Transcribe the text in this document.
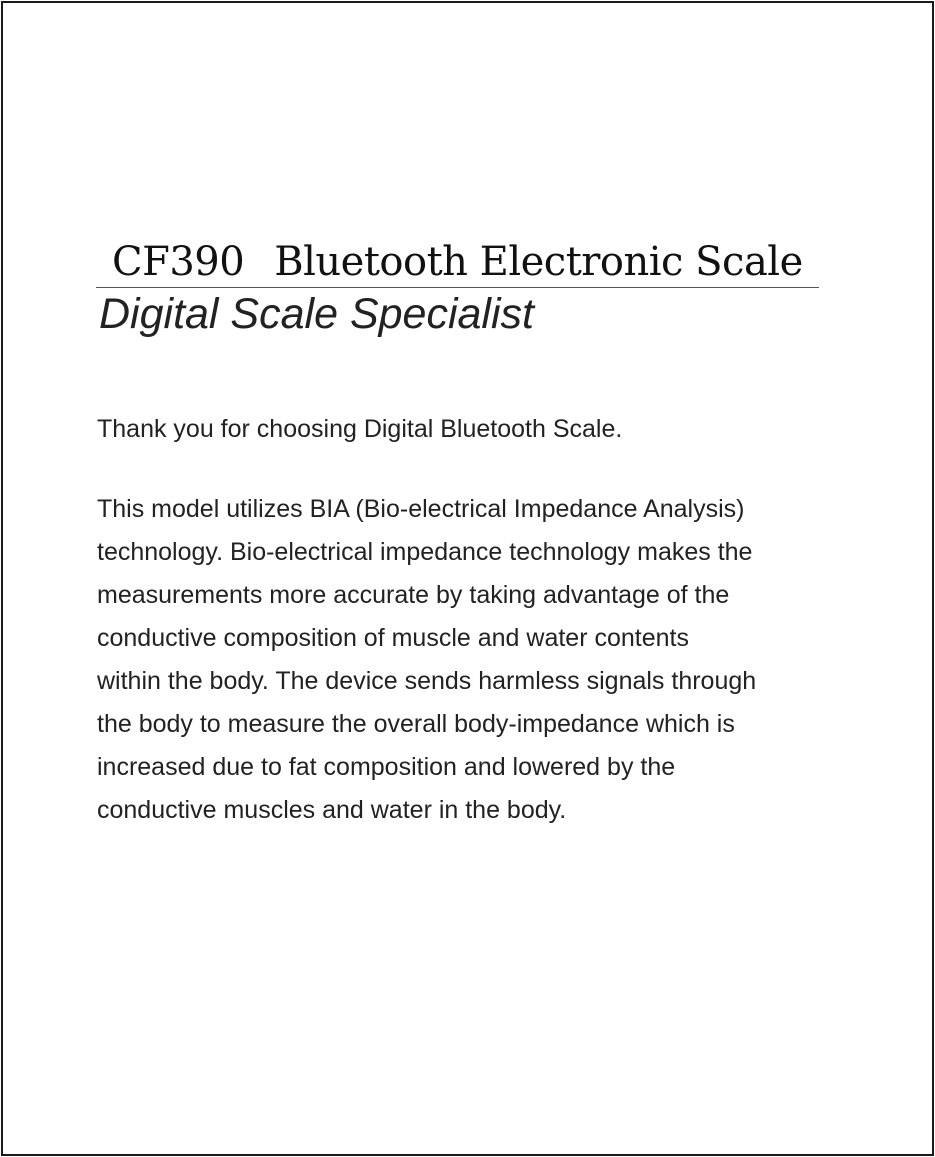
CF390 Bluetooth Electronic Scale
Digital Scale Specialist
Thank you for choosing Digital Bluetooth Scale.
This model utilizes BIA (Bio-electrical Impedance Analysis)
technology. Bio-electrical impedance technology makes the
measurements more accurate by taking advantage of the
conductive composition of muscle and water contents
within the body. The device sends harmless signals through
the body to measure the overall body-impedance which is
increased due to fat composition and lowered by the
conductive muscles and water in the body.
